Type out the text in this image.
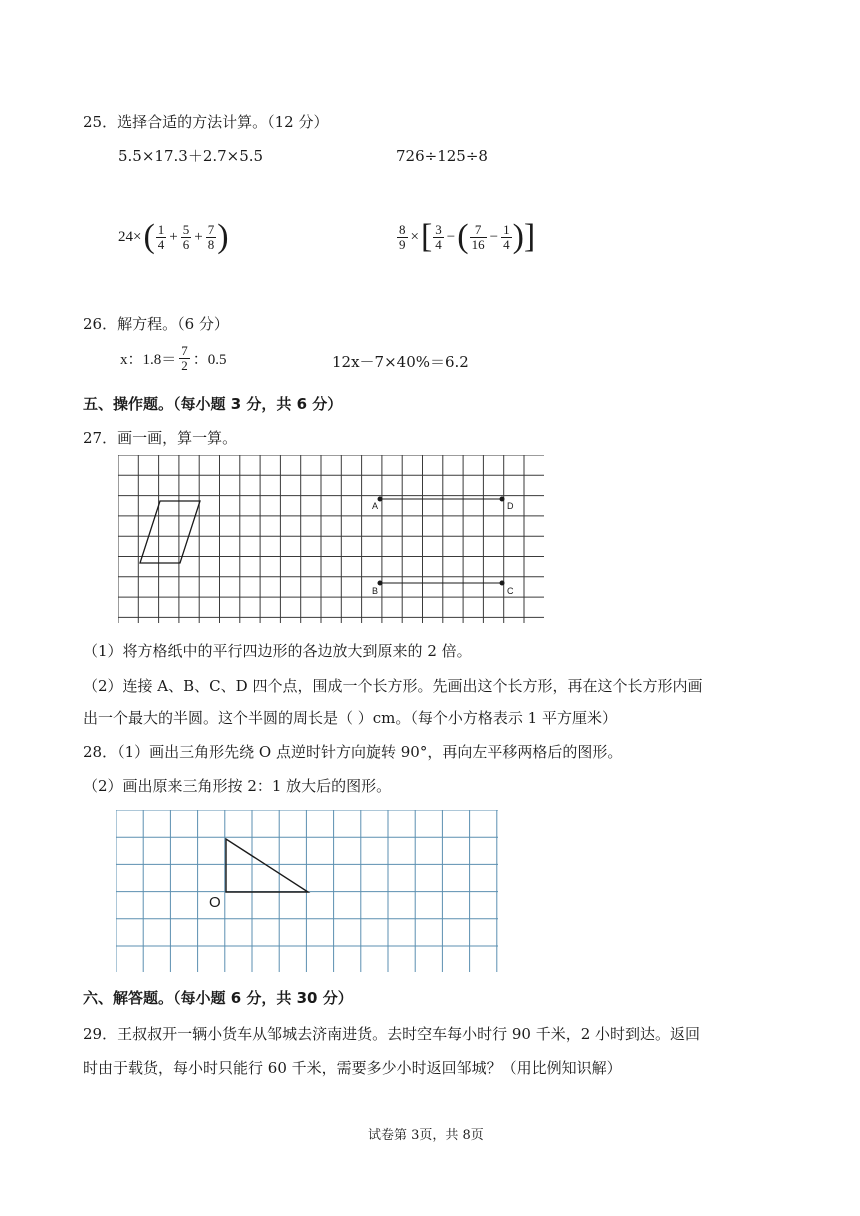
25．选择合适的方法计算。（12 分）
5.5×17.3＋2.7×5.5	726÷125÷8
$24\times( \frac{1}{4} + \frac{5}{6} + \frac{7}{8}$ )	$\frac{8}{9}$ ×[ $\frac{3}{4}$ −( $\frac{7}{16} - \frac{1}{4}$ )]
26．解方程。（6 分）
x：$1.8= \frac{7}{2}$ ：0.5	12x－7×40%＝6.2
五、操作题。（每小题 3 分，共 6 分）
27．画一画，算一算。
A
B	C
D
（1）将方格纸中的平行四边形的各边放大到原来的 2 倍。
（2）连接 A、B、C、D 四个点，围成一个长方形。先画出这个长方形，再在这个长方形内画
出一个最大的半圆。这个半圆的周长是（ ）cm。（每个小方格表示 1 平方厘米）
28．（1）画出三角形先绕 O 点逆时针方向旋转 90°，再向左平移两格后的图形。
（2）画出原来三角形按 2：1 放大后的图形。
O
六、解答题。（每小题 6 分，共 30 分）
29．王叔叔开一辆小货车从邹城去济南进货。去时空车每小时行 90 千米，2 小时到达。返回
时由于载货，每小时只能行 60 千米，需要多少小时返回邹城？（用比例知识解）
试卷第 3页，共 8页
